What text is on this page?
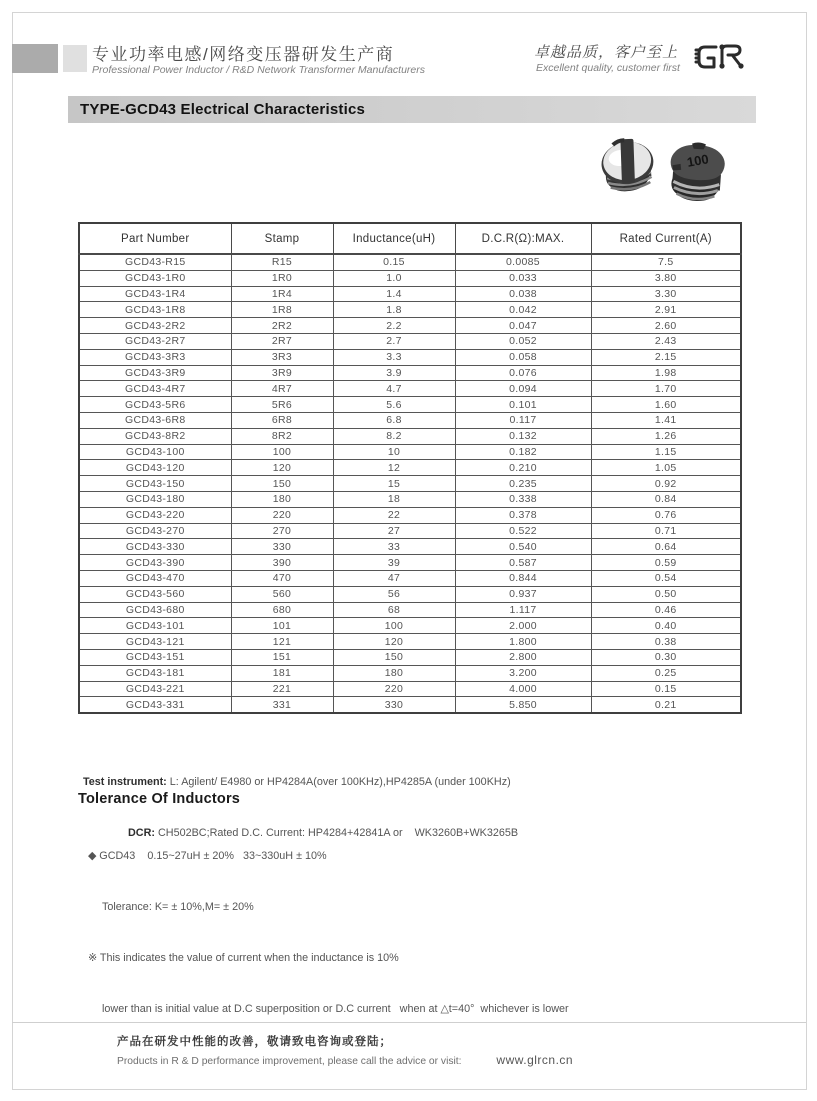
专业功率电感/网络变压器研发生产商
Professional Power Inductor / R&D Network Transformer Manufacturers
卓越品质，客户至上
Excellent quality, customer first
TYPE-GCD43 Electrical Characteristics
100
Part Number	Stamp	Inductance(uH)	D.C.R(Ω):MAX.	Rated Current(A)
GCD43-R15	R15	0.15	0.0085	7.5
GCD43-1R0	1R0	1.0	0.033	3.80
GCD43-1R4	1R4	1.4	0.038	3.30
GCD43-1R8	1R8	1.8	0.042	2.91
GCD43-2R2	2R2	2.2	0.047	2.60
GCD43-2R7	2R7	2.7	0.052	2.43
GCD43-3R3	3R3	3.3	0.058	2.15
GCD43-3R9	3R9	3.9	0.076	1.98
GCD43-4R7	4R7	4.7	0.094	1.70
GCD43-5R6	5R6	5.6	0.101	1.60
GCD43-6R8	6R8	6.8	0.117	1.41
GCD43-8R2	8R2	8.2	0.132	1.26
GCD43-100	100	10	0.182	1.15
GCD43-120	120	12	0.210	1.05
GCD43-150	150	15	0.235	0.92
GCD43-180	180	18	0.338	0.84
GCD43-220	220	22	0.378	0.76
GCD43-270	270	27	0.522	0.71
GCD43-330	330	33	0.540	0.64
GCD43-390	390	39	0.587	0.59
GCD43-470	470	47	0.844	0.54
GCD43-560	560	56	0.937	0.50
GCD43-680	680	68	1.117	0.46
GCD43-101	101	100	2.000	0.40
GCD43-121	121	120	1.800	0.38
GCD43-151	151	150	2.800	0.30
GCD43-181	181	180	3.200	0.25
GCD43-221	221	220	4.000	0.15
GCD43-331	331	330	5.850	0.21

Test instrument: L: Agilent/ E4980 or HP4284A(over 100KHz),HP4285A (under 100KHz)

DCR: CH502BC;Rated D.C. Current: HP4284+42841A or    WK3260B+WK3265B

Tolerance Of Inductors

◆ GCD43    0.15~27uH ± 20%   33~330uH ± 10%

Tolerance: K= ± 10%,M= ± 20%

※ This indicates the value of current when the inductance is 10%

lower than is initial value at D.C superposition or D.C current   when at △t=40°  whichever is lower

产品在研发中性能的改善，敬请致电咨询或登陆；
Products in R & D performance improvement, please call the advice or visit:	www.glrcn.cn
